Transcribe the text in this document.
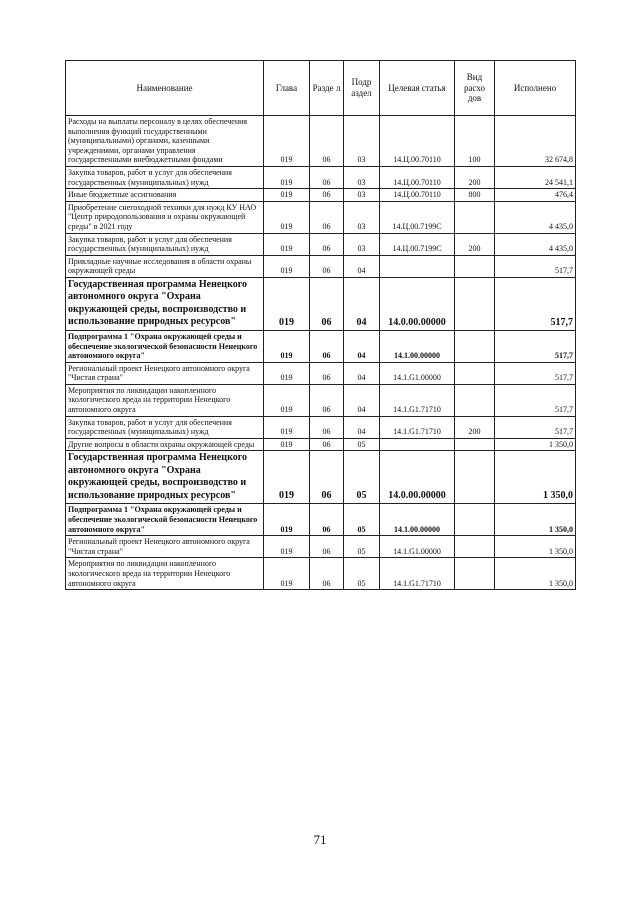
Наименование	Глава	Разде л	Подр аздел	Целевая статья	Вид расхо дов	Исполнено
Расходы на выплаты персоналу в целях обеспечения выполнения функций государственными (муниципальными) органами, казенными учреждениями, органами управления государственными внебюджетными фондами	019	06	03	14.Ц.00.70110	100	32 674,8
Закупка товаров, работ и услуг для обеспечения государственных (муниципальных) нужд	019	06	03	14.Ц.00.70110	200	24 541,1
Иные бюджетные ассигнования	019	06	03	14.Ц.00.70110	800	476,4
Приобретение снегоходной техники для нужд КУ НАО "Центр природопользования и охраны окружающей среды" в 2021 году	019	06	03	14.Ц.00.7199С		4 435,0
Закупка товаров, работ и услуг для обеспечения государственных (муниципальных) нужд	019	06	03	14.Ц.00.7199С	200	4 435,0
Прикладные научные исследования в области охраны окружающей среды	019	06	04			517,7
Государственная программа Ненецкого автономного округа "Охрана окружающей среды, воспроизводство и использование природных ресурсов"	019	06	04	14.0.00.00000		517,7
Подпрограмма 1 "Охрана окружающей среды и обеспечение экологической безопасности Ненецкого автономного округа"	019	06	04	14.1.00.00000		517,7
Региональный проект Ненецкого автономного округа "Чистая страна"	019	06	04	14.1.G1.00000		517,7
Мероприятия по ликвидации накопленного экологического вреда на территории Ненецкого автономного округа	019	06	04	14.1.G1.71710		517,7
Закупка товаров, работ и услуг для обеспечения государственных (муниципальных) нужд	019	06	04	14.1.G1.71710	200	517,7
Другие вопросы в области охраны окружающей среды	019	06	05			1 350,0
Государственная программа Ненецкого автономного округа "Охрана окружающей среды, воспроизводство и использование природных ресурсов"	019	06	05	14.0.00.00000		1 350,0
Подпрограмма 1 "Охрана окружающей среды и обеспечение экологической безопасности Ненецкого автономного округа"	019	06	05	14.1.00.00000		1 350,0
Региональный проект Ненецкого автономного округа "Чистая страна"	019	06	05	14.1.G1.00000		1 350,0
Мероприятия по ликвидации накопленного экологического вреда на территории Ненецкого автономного округа	019	06	05	14.1.G1.71710		1 350,0
71
